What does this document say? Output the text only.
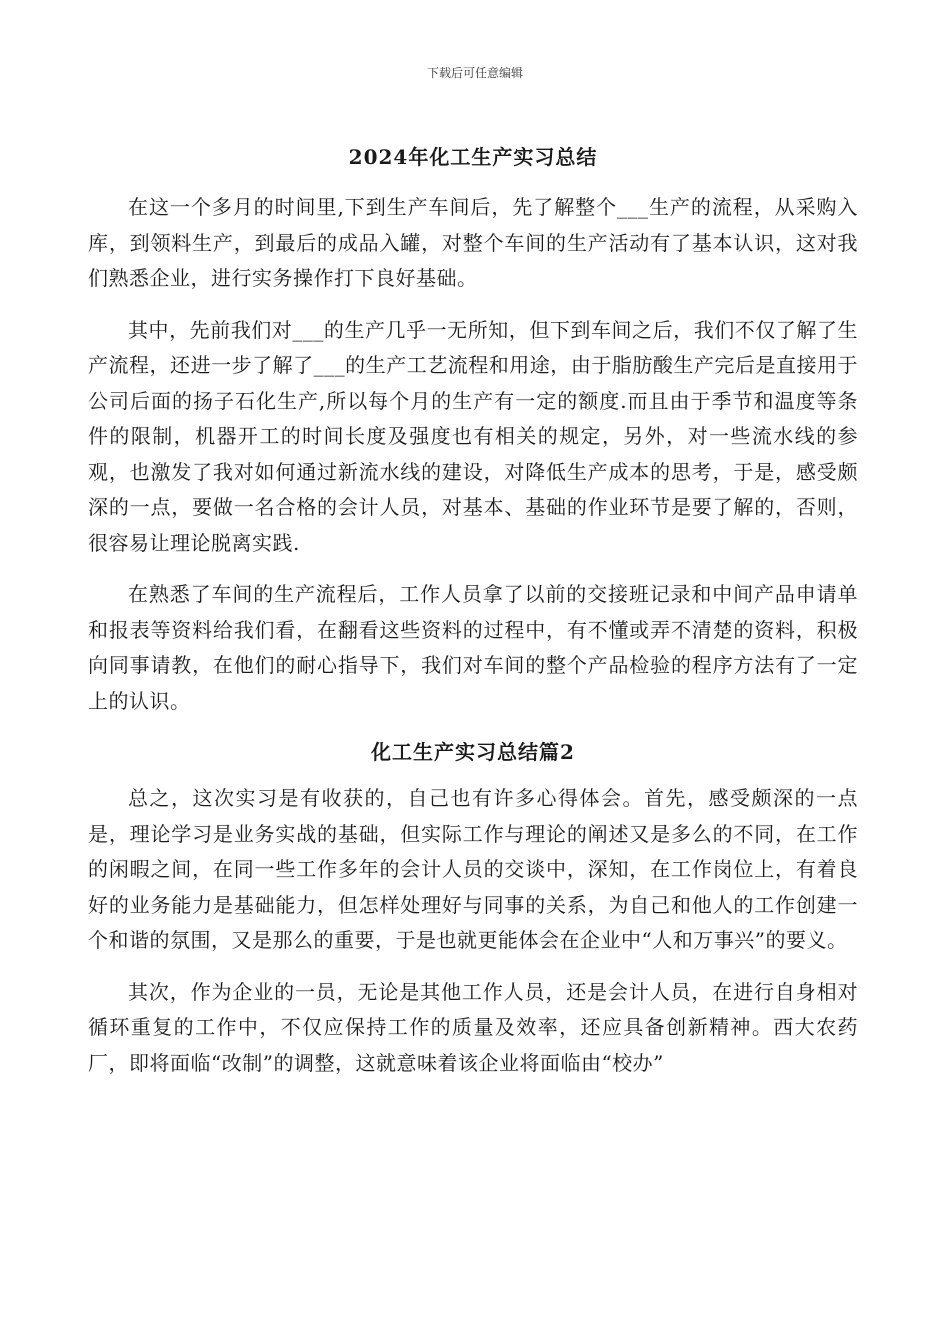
下载后可任意编辑
2024年化工生产实习总结

在这一个多月的时间里,下到生产车间后，先了解整个___生产的流程，从采购入库，到领料生产，到最后的成品入罐，对整个车间的生产活动有了基本认识，这对我们熟悉企业，进行实务操作打下良好基础。

其中，先前我们对___的生产几乎一无所知，但下到车间之后，我们不仅了解了生产流程，还进一步了解了___的生产工艺流程和用途，由于脂肪酸生产完后是直接用于公司后面的扬子石化生产,所以每个月的生产有一定的额度.而且由于季节和温度等条件的限制，机器开工的时间长度及强度也有相关的规定，另外，对一些流水线的参观，也激发了我对如何通过新流水线的建设，对降低生产成本的思考，于是，感受颇深的一点，要做一名合格的会计人员，对基本、基础的作业环节是要了解的，否则，很容易让理论脱离实践.

在熟悉了车间的生产流程后，工作人员拿了以前的交接班记录和中间产品申请单和报表等资料给我们看，在翻看这些资料的过程中，有不懂或弄不清楚的资料，积极向同事请教，在他们的耐心指导下，我们对车间的整个产品检验的程序方法有了一定上的认识。

化工生产实习总结篇2

总之，这次实习是有收获的，自己也有许多心得体会。首先，感受颇深的一点是，理论学习是业务实战的基础，但实际工作与理论的阐述又是多么的不同，在工作的闲暇之间，在同一些工作多年的会计人员的交谈中，深知，在工作岗位上，有着良好的业务能力是基础能力，但怎样处理好与同事的关系，为自己和他人的工作创建一个和谐的氛围，又是那么的重要，于是也就更能体会在企业中“人和万事兴”的要义。

其次，作为企业的一员，无论是其他工作人员，还是会计人员，在进行自身相对循环重复的工作中，不仅应保持工作的质量及效率，还应具备创新精神。西大农药厂，即将面临“改制”的调整，这就意味着该企业将面临由“校办”
